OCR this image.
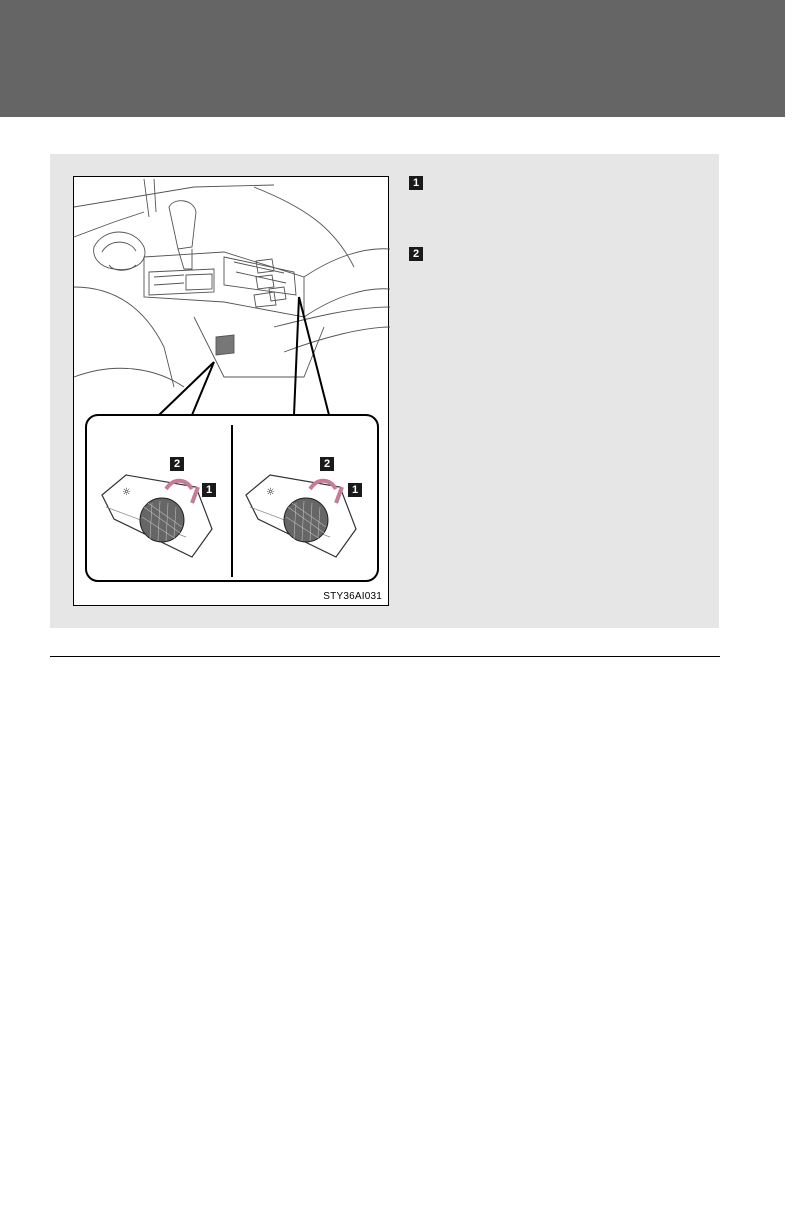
☼	☼
2
1
2
1
STY36AI031
1
2
